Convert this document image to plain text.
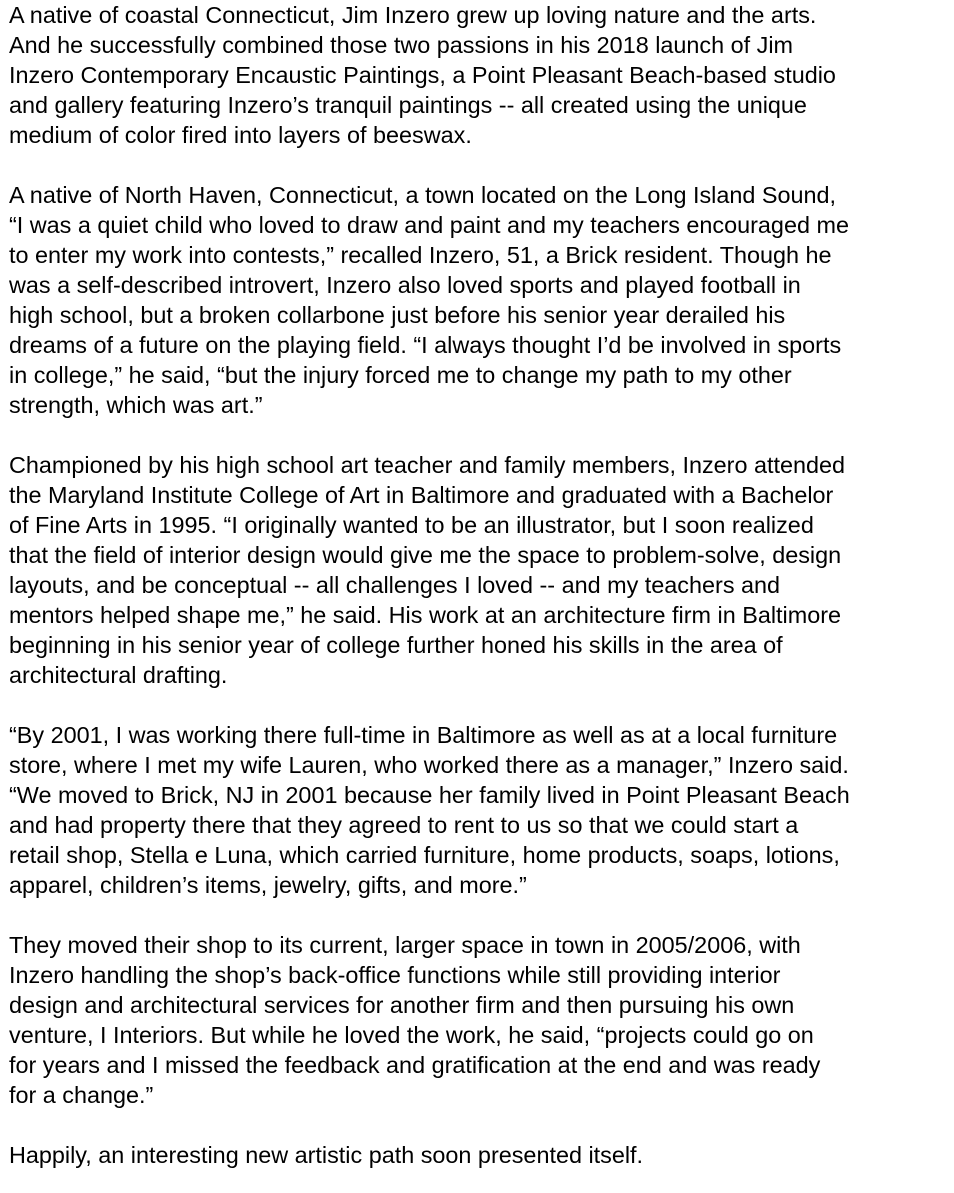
A native of coastal Connecticut, Jim Inzero grew up loving nature and the arts.
And he successfully combined those two passions in his 2018 launch of Jim
Inzero Contemporary Encaustic Paintings, a Point Pleasant Beach-based studio
and gallery featuring Inzero’s tranquil paintings -- all created using the unique
medium of color fired into layers of beeswax.
A native of North Haven, Connecticut, a town located on the Long Island Sound,
“I was a quiet child who loved to draw and paint and my teachers encouraged me
to enter my work into contests,” recalled Inzero, 51, a Brick resident. Though he
was a self-described introvert, Inzero also loved sports and played football in
high school, but a broken collarbone just before his senior year derailed his
dreams of a future on the playing field. “I always thought I’d be involved in sports
in college,” he said, “but the injury forced me to change my path to my other
strength, which was art.”
Championed by his high school art teacher and family members, Inzero attended
the Maryland Institute College of Art in Baltimore and graduated with a Bachelor
of Fine Arts in 1995. “I originally wanted to be an illustrator, but I soon realized
that the field of interior design would give me the space to problem-solve, design
layouts, and be conceptual -- all challenges I loved -- and my teachers and
mentors helped shape me,” he said. His work at an architecture firm in Baltimore
beginning in his senior year of college further honed his skills in the area of
architectural drafting.
“By 2001, I was working there full-time in Baltimore as well as at a local furniture
store, where I met my wife Lauren, who worked there as a manager,” Inzero said.
“We moved to Brick, NJ in 2001 because her family lived in Point Pleasant Beach
and had property there that they agreed to rent to us so that we could start a
retail shop, Stella e Luna, which carried furniture, home products, soaps, lotions,
apparel, children’s items, jewelry, gifts, and more.”
They moved their shop to its current, larger space in town in 2005/2006, with
Inzero handling the shop’s back-office functions while still providing interior
design and architectural services for another firm and then pursuing his own
venture, I Interiors. But while he loved the work, he said, “projects could go on
for years and I missed the feedback and gratification at the end and was ready
for a change.”
Happily, an interesting new artistic path soon presented itself.
